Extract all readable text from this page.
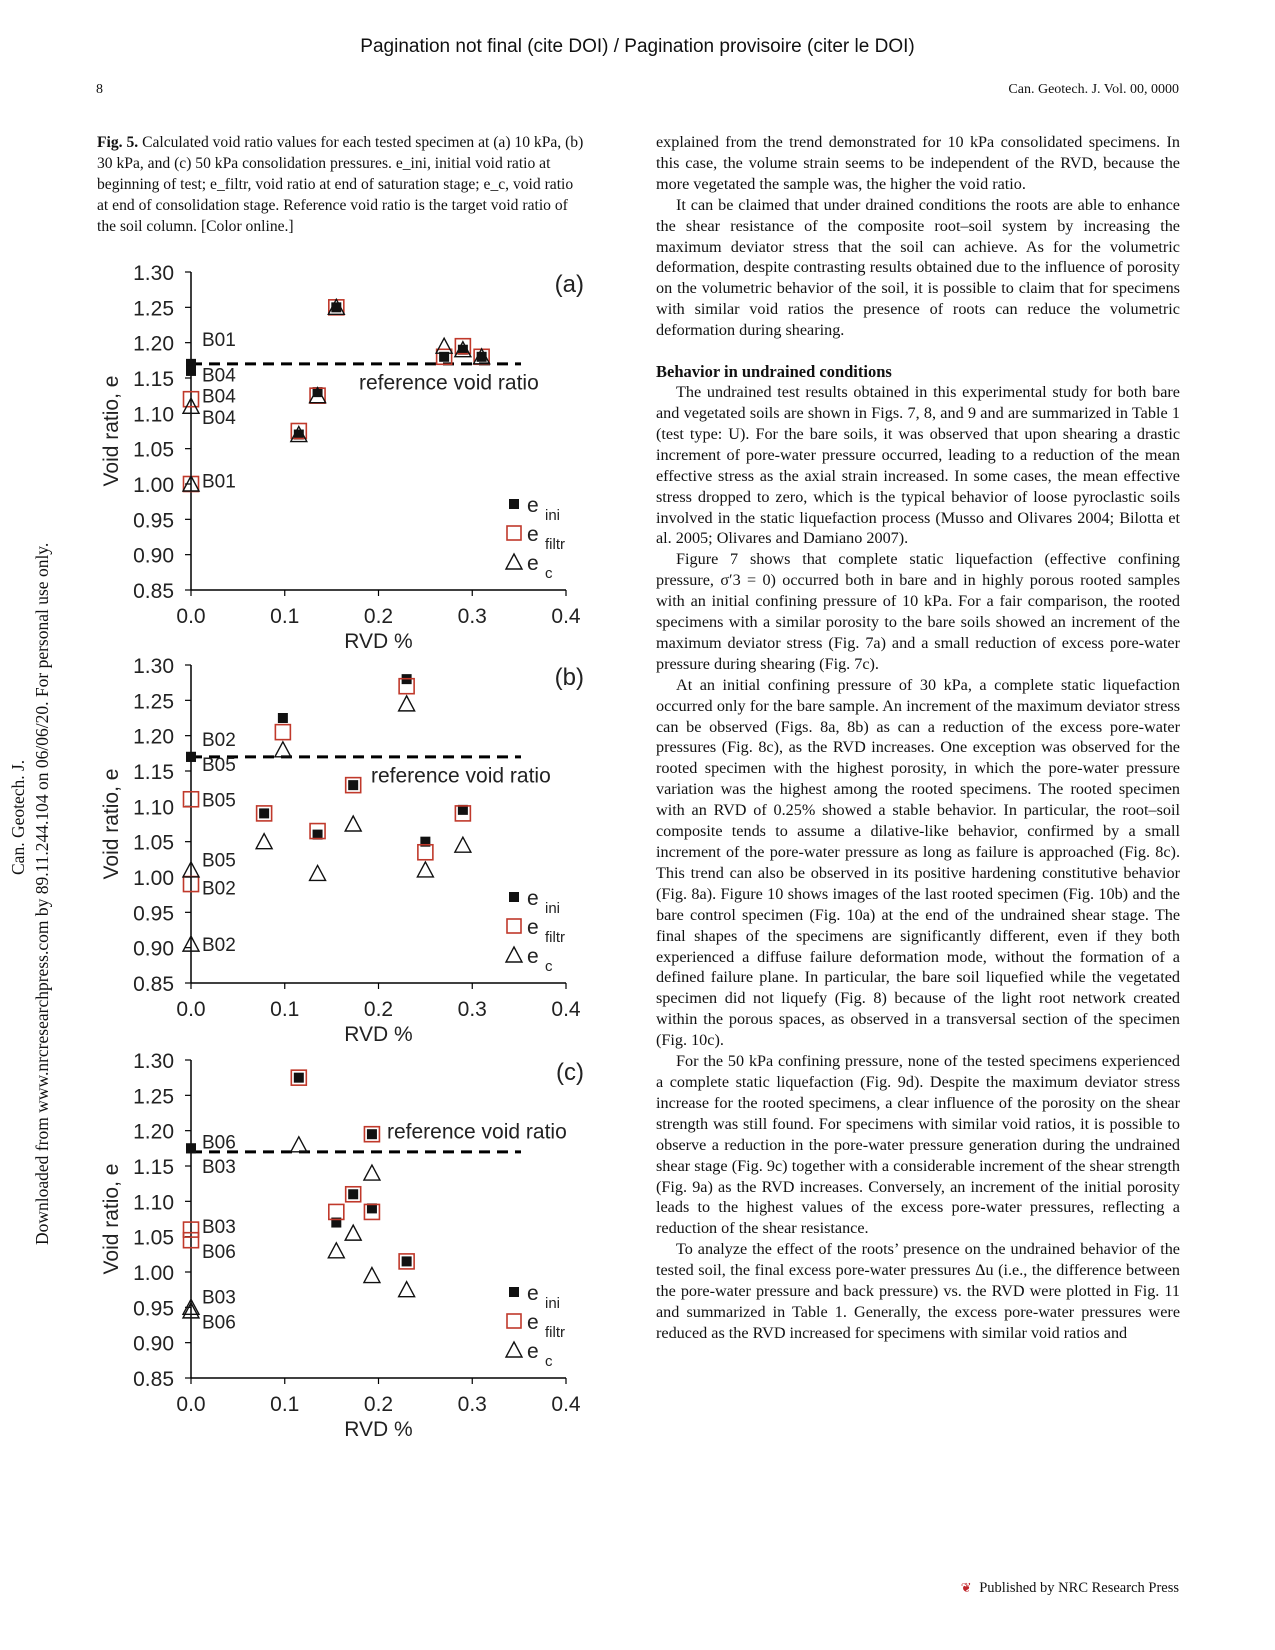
Pagination not final (cite DOI) / Pagination provisoire (citer le DOI)
8	Can. Geotech. J. Vol. 00, 0000
Can. Geotech. J. Downloaded from www.nrcresearchpress.com by 89.11.244.104 on 06/06/20. For personal use only.
Fig. 5. Calculated void ratio values for each tested specimen at (a) 10 kPa, (b) 30 kPa, and (c) 50 kPa consolidation pressures. e_ini, initial void ratio at beginning of test; e_filtr, void ratio at end of saturation stage; e_c, void ratio at end of consolidation stage. Reference void ratio is the target void ratio of the soil column. [Color online.]
0.85
0.90
0.95
1.00
1.05
1.10
1.15
1.20
1.25
1.30
0.0	0.1	0.2	0.3	0.4
RVD %
Void ratio, e
(a)
reference void ratio
B01
B04
B04
B04
B01
e ini
e filtr
e c
0.85
0.90
0.95
1.00
1.05
1.10
1.15
1.20
1.25
1.30
0.0	0.1	0.2	0.3	0.4
RVD %
Void ratio, e
(b)
reference void ratio
B02
B05
B05
B05
B02
B02
e ini
e filtr
e c
0.85
0.90
0.95
1.00
1.05
1.10
1.15
1.20
1.25
1.30
0.0	0.1	0.2	0.3	0.4
RVD %
Void ratio, e
(c)
reference void ratio
B06
B03
B03
B06
B03
B06
e ini
e filtr
e c

explained from the trend demonstrated for 10 kPa consolidated specimens. In this case, the volume strain seems to be independent of the RVD, because the more vegetated the sample was, the higher the void ratio.

It can be claimed that under drained conditions the roots are able to enhance the shear resistance of the composite root–soil system by increasing the maximum deviator stress that the soil can achieve. As for the volumetric deformation, despite contrasting results obtained due to the influence of porosity on the volumetric behavior of the soil, it is possible to claim that for specimens with similar void ratios the presence of roots can reduce the volumetric deformation during shearing.

Behavior in undrained conditions

The undrained test results obtained in this experimental study for both bare and vegetated soils are shown in Figs. 7, 8, and 9 and are summarized in Table 1 (test type: U). For the bare soils, it was observed that upon shearing a drastic increment of pore-water pressure occurred, leading to a reduction of the mean effective stress as the axial strain increased. In some cases, the mean effective stress dropped to zero, which is the typical behavior of loose pyroclastic soils involved in the static liquefaction process (Musso and Olivares 2004; Bilotta et al. 2005; Olivares and Damiano 2007).

Figure 7 shows that complete static liquefaction (effective confining pressure, σ′3 = 0) occurred both in bare and in highly porous rooted samples with an initial confining pressure of 10 kPa. For a fair comparison, the rooted specimens with a similar porosity to the bare soils showed an increment of the maximum deviator stress (Fig. 7a) and a small reduction of excess pore-water pressure during shearing (Fig. 7c).

At an initial confining pressure of 30 kPa, a complete static liquefaction occurred only for the bare sample. An increment of the maximum deviator stress can be observed (Figs. 8a, 8b) as can a reduction of the excess pore-water pressures (Fig. 8c), as the RVD increases. One exception was observed for the rooted specimen with the highest porosity, in which the pore-water pressure variation was the highest among the rooted specimens. The rooted specimen with an RVD of 0.25% showed a stable behavior. In particular, the root–soil composite tends to assume a dilative-like behavior, confirmed by a small increment of the pore-water pressure as long as failure is approached (Fig. 8c). This trend can also be observed in its positive hardening constitutive behavior (Fig. 8a). Figure 10 shows images of the last rooted specimen (Fig. 10b) and the bare control specimen (Fig. 10a) at the end of the undrained shear stage. The final shapes of the specimens are significantly different, even if they both experienced a diffuse failure deformation mode, without the formation of a defined failure plane. In particular, the bare soil liquefied while the vegetated specimen did not liquefy (Fig. 8) because of the light root network created within the porous spaces, as observed in a transversal section of the specimen (Fig. 10c).

For the 50 kPa confining pressure, none of the tested specimens experienced a complete static liquefaction (Fig. 9d). Despite the maximum deviator stress increase for the rooted specimens, a clear influence of the porosity on the shear strength was still found. For specimens with similar void ratios, it is possible to observe a reduction in the pore-water pressure generation during the undrained shear stage (Fig. 9c) together with a considerable increment of the shear strength (Fig. 9a) as the RVD increases. Conversely, an increment of the initial porosity leads to the highest values of the excess pore-water pressures, reflecting a reduction of the shear resistance.

To analyze the effect of the roots’ presence on the undrained behavior of the tested soil, the final excess pore-water pressures Δu (i.e., the difference between the pore-water pressure and back pressure) vs. the RVD were plotted in Fig. 11 and summarized in Table 1. Generally, the excess pore-water pressures were reduced as the RVD increased for specimens with similar void ratios and

❦ Published by NRC Research Press
